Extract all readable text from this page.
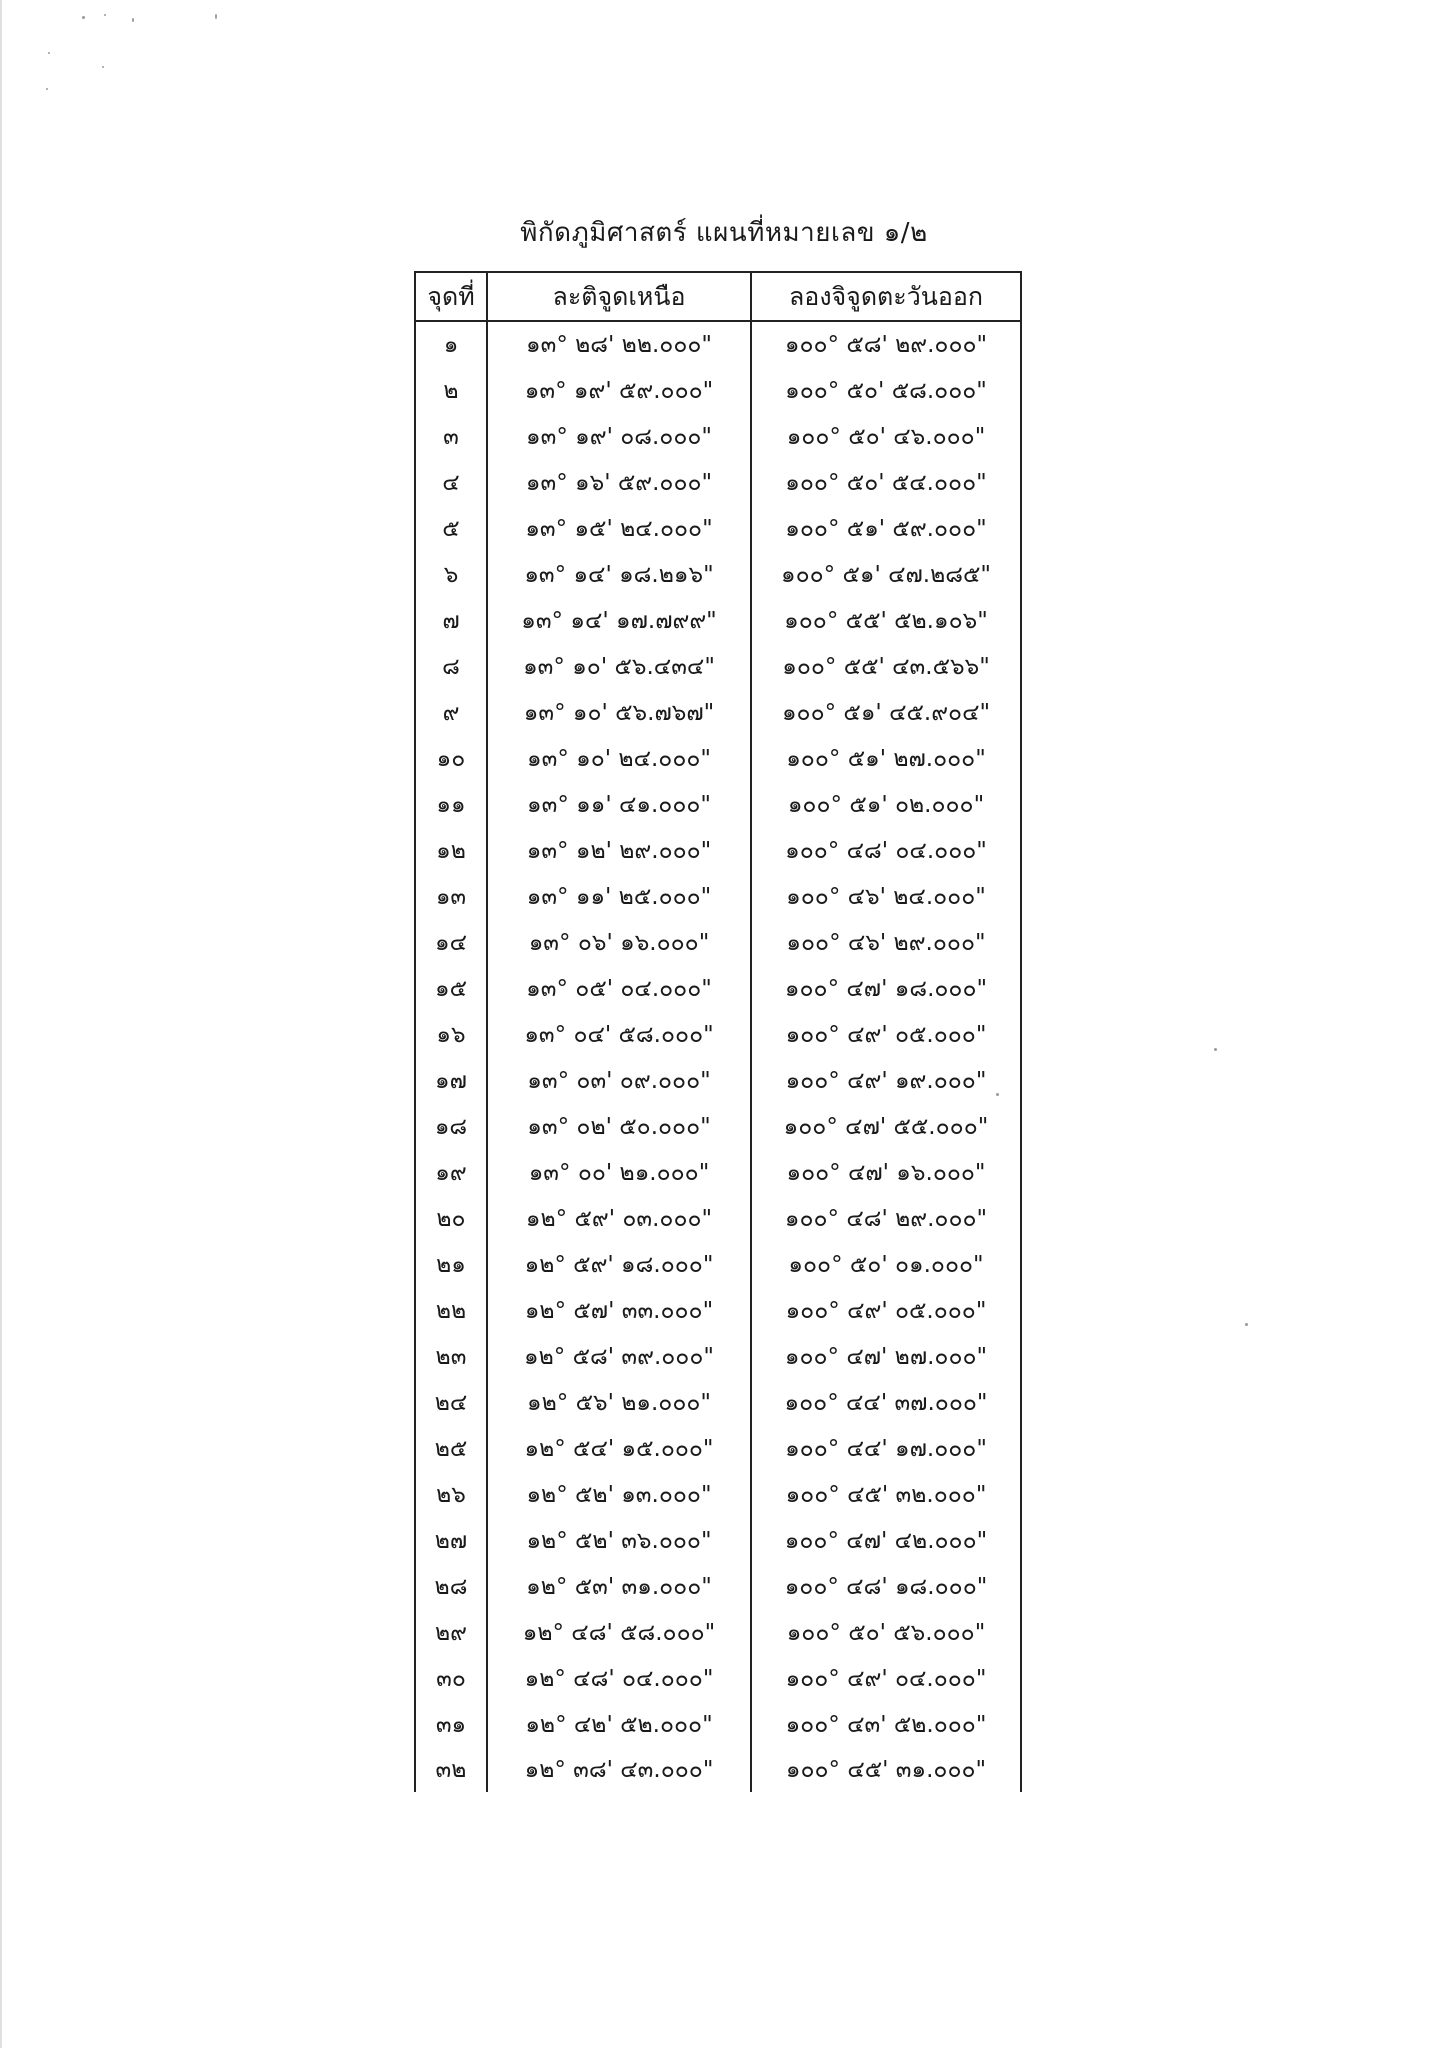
พิกัดภูมิศาสตร์ แผนที่หมายเลข ๑/๒
จุดที่	ละติจูดเหนือ	ลองจิจูดตะวันออก
๑	๑๓° ๒๘' ๒๒.๐๐๐"	๑๐๐° ๕๘' ๒๙.๐๐๐"
๒	๑๓° ๑๙' ๕๙.๐๐๐"	๑๐๐° ๕๐' ๕๘.๐๐๐"
๓	๑๓° ๑๙' ๐๘.๐๐๐"	๑๐๐° ๕๐' ๔๖.๐๐๐"
๔	๑๓° ๑๖' ๕๙.๐๐๐"	๑๐๐° ๕๐' ๕๔.๐๐๐"
๕	๑๓° ๑๕' ๒๔.๐๐๐"	๑๐๐° ๕๑' ๕๙.๐๐๐"
๖	๑๓° ๑๔' ๑๘.๒๑๖"	๑๐๐° ๕๑' ๔๗.๒๘๕"
๗	๑๓° ๑๔' ๑๗.๗๙๙"	๑๐๐° ๕๕' ๕๒.๑๐๖"
๘	๑๓° ๑๐' ๕๖.๔๓๔"	๑๐๐° ๕๕' ๔๓.๕๖๖"
๙	๑๓° ๑๐' ๕๖.๗๖๗"	๑๐๐° ๕๑' ๔๕.๙๐๔"
๑๐	๑๓° ๑๐' ๒๔.๐๐๐"	๑๐๐° ๕๑' ๒๗.๐๐๐"
๑๑	๑๓° ๑๑' ๔๑.๐๐๐"	๑๐๐° ๕๑' ๐๒.๐๐๐"
๑๒	๑๓° ๑๒' ๒๙.๐๐๐"	๑๐๐° ๔๘' ๐๔.๐๐๐"
๑๓	๑๓° ๑๑' ๒๕.๐๐๐"	๑๐๐° ๔๖' ๒๔.๐๐๐"
๑๔	๑๓° ๐๖' ๑๖.๐๐๐"	๑๐๐° ๔๖' ๒๙.๐๐๐"
๑๕	๑๓° ๐๕' ๐๔.๐๐๐"	๑๐๐° ๔๗' ๑๘.๐๐๐"
๑๖	๑๓° ๐๔' ๕๘.๐๐๐"	๑๐๐° ๔๙' ๐๕.๐๐๐"
๑๗	๑๓° ๐๓' ๐๙.๐๐๐"	๑๐๐° ๔๙' ๑๙.๐๐๐"
๑๘	๑๓° ๐๒' ๕๐.๐๐๐"	๑๐๐° ๔๗' ๕๕.๐๐๐"
๑๙	๑๓° ๐๐' ๒๑.๐๐๐"	๑๐๐° ๔๗' ๑๖.๐๐๐"
๒๐	๑๒° ๕๙' ๐๓.๐๐๐"	๑๐๐° ๔๘' ๒๙.๐๐๐"
๒๑	๑๒° ๕๙' ๑๘.๐๐๐"	๑๐๐° ๕๐' ๐๑.๐๐๐"
๒๒	๑๒° ๕๗' ๓๓.๐๐๐"	๑๐๐° ๔๙' ๐๕.๐๐๐"
๒๓	๑๒° ๕๘' ๓๙.๐๐๐"	๑๐๐° ๔๗' ๒๗.๐๐๐"
๒๔	๑๒° ๕๖' ๒๑.๐๐๐"	๑๐๐° ๔๔' ๓๗.๐๐๐"
๒๕	๑๒° ๕๔' ๑๕.๐๐๐"	๑๐๐° ๔๔' ๑๗.๐๐๐"
๒๖	๑๒° ๕๒' ๑๓.๐๐๐"	๑๐๐° ๔๕' ๓๒.๐๐๐"
๒๗	๑๒° ๕๒' ๓๖.๐๐๐"	๑๐๐° ๔๗' ๔๒.๐๐๐"
๒๘	๑๒° ๕๓' ๓๑.๐๐๐"	๑๐๐° ๔๘' ๑๘.๐๐๐"
๒๙	๑๒° ๔๘' ๕๘.๐๐๐"	๑๐๐° ๕๐' ๕๖.๐๐๐"
๓๐	๑๒° ๔๘' ๐๔.๐๐๐"	๑๐๐° ๔๙' ๐๔.๐๐๐"
๓๑	๑๒° ๔๒' ๕๒.๐๐๐"	๑๐๐° ๔๓' ๕๒.๐๐๐"
๓๒	๑๒° ๓๘' ๔๓.๐๐๐"	๑๐๐° ๔๕' ๓๑.๐๐๐"
